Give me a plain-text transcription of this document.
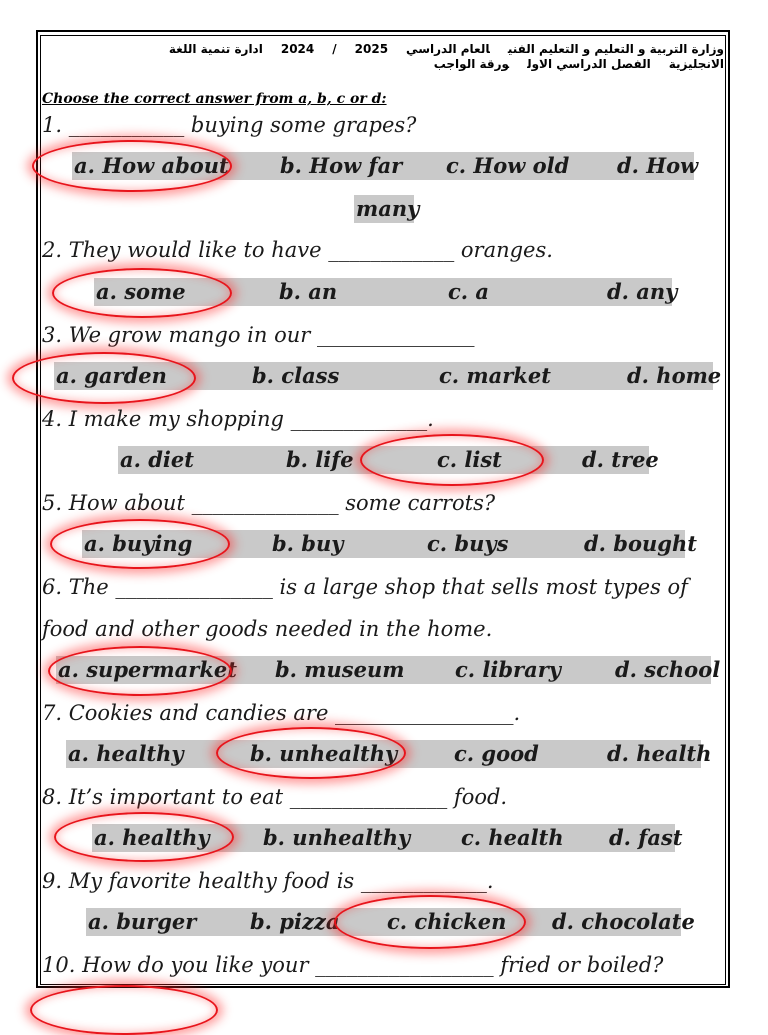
وزارة التربية و التعليم و التعليم الفنيالعام الدراسي2024 / 2025ادارة تنمية اللغة
الانجليزيةالفصل الدراسي الاولورقة الواجب
Choose the correct answer from a, b, c or d:
1. ___________ buying some grapes?
a. How about b. How far c. How old d. How
many
2. They would like to have ____________ oranges.
a. some	b. an	c. a	d. any
3. We grow mango in our _______________
a. garden	b. class	c. market	d. home
4. I make my shopping _____________.
a. diet	b. life	c. list	d. tree
5. How about ______________ some carrots?
a. buying	b. buy	c. buys	d. bought
6. The _______________ is a large shop that sells most types of
food and other goods needed in the home.
a. supermarket b. museum c. library	d. school
7. Cookies and candies are _________________.
a. healthy	b. unhealthy	c. good	d. health
8. It’s important to eat _______________ food.
a. healthy	b. unhealthy c. health d. fast
9. My favorite healthy food is ____________.
a. burger	b. pizza c. chicken d. chocolate
10. How do you like your _________________ fried or boiled?
